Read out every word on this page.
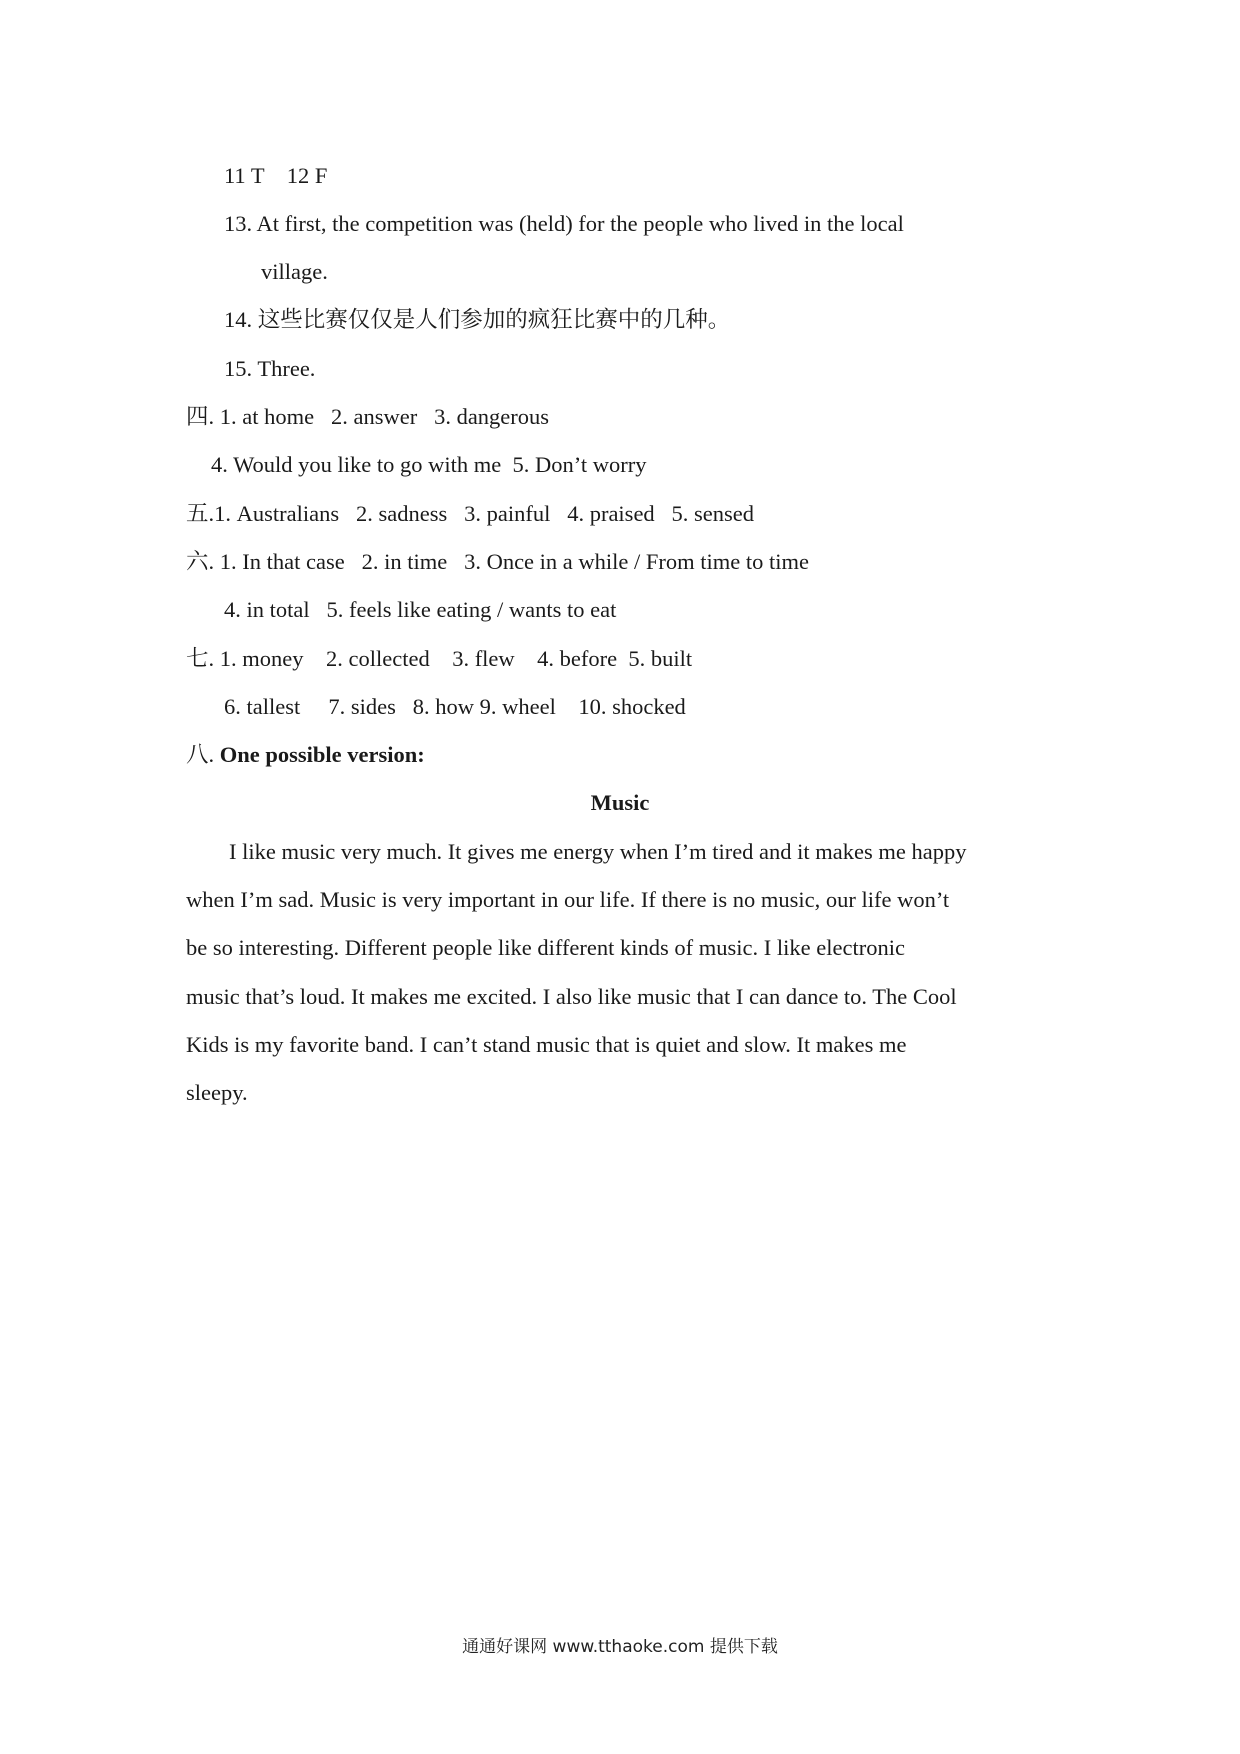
11 T    12 F
13. At first, the competition was (held) for the people who lived in the local
village.
14. 这些比赛仅仅是人们参加的疯狂比赛中的几种。
15. Three.
四. 1. at home   2. answer   3. dangerous
4. Would you like to go with me  5. Don’t worry
五.1. Australians   2. sadness   3. painful   4. praised   5. sensed
六. 1. In that case   2. in time   3. Once in a while / From time to time
4. in total   5. feels like eating / wants to eat
七. 1. money    2. collected    3. flew    4. before  5. built
6. tallest     7. sides   8. how 9. wheel    10. shocked
八. One possible version:
Music
I like music very much. It gives me energy when I’m tired and it makes me happy
when I’m sad. Music is very important in our life. If there is no music, our life won’t
be so interesting. Different people like different kinds of music. I like electronic
music that’s loud. It makes me excited. I also like music that I can dance to. The Cool
Kids is my favorite band. I can’t stand music that is quiet and slow. It makes me
sleepy.
通通好课网 www.tthaoke.com 提供下载
